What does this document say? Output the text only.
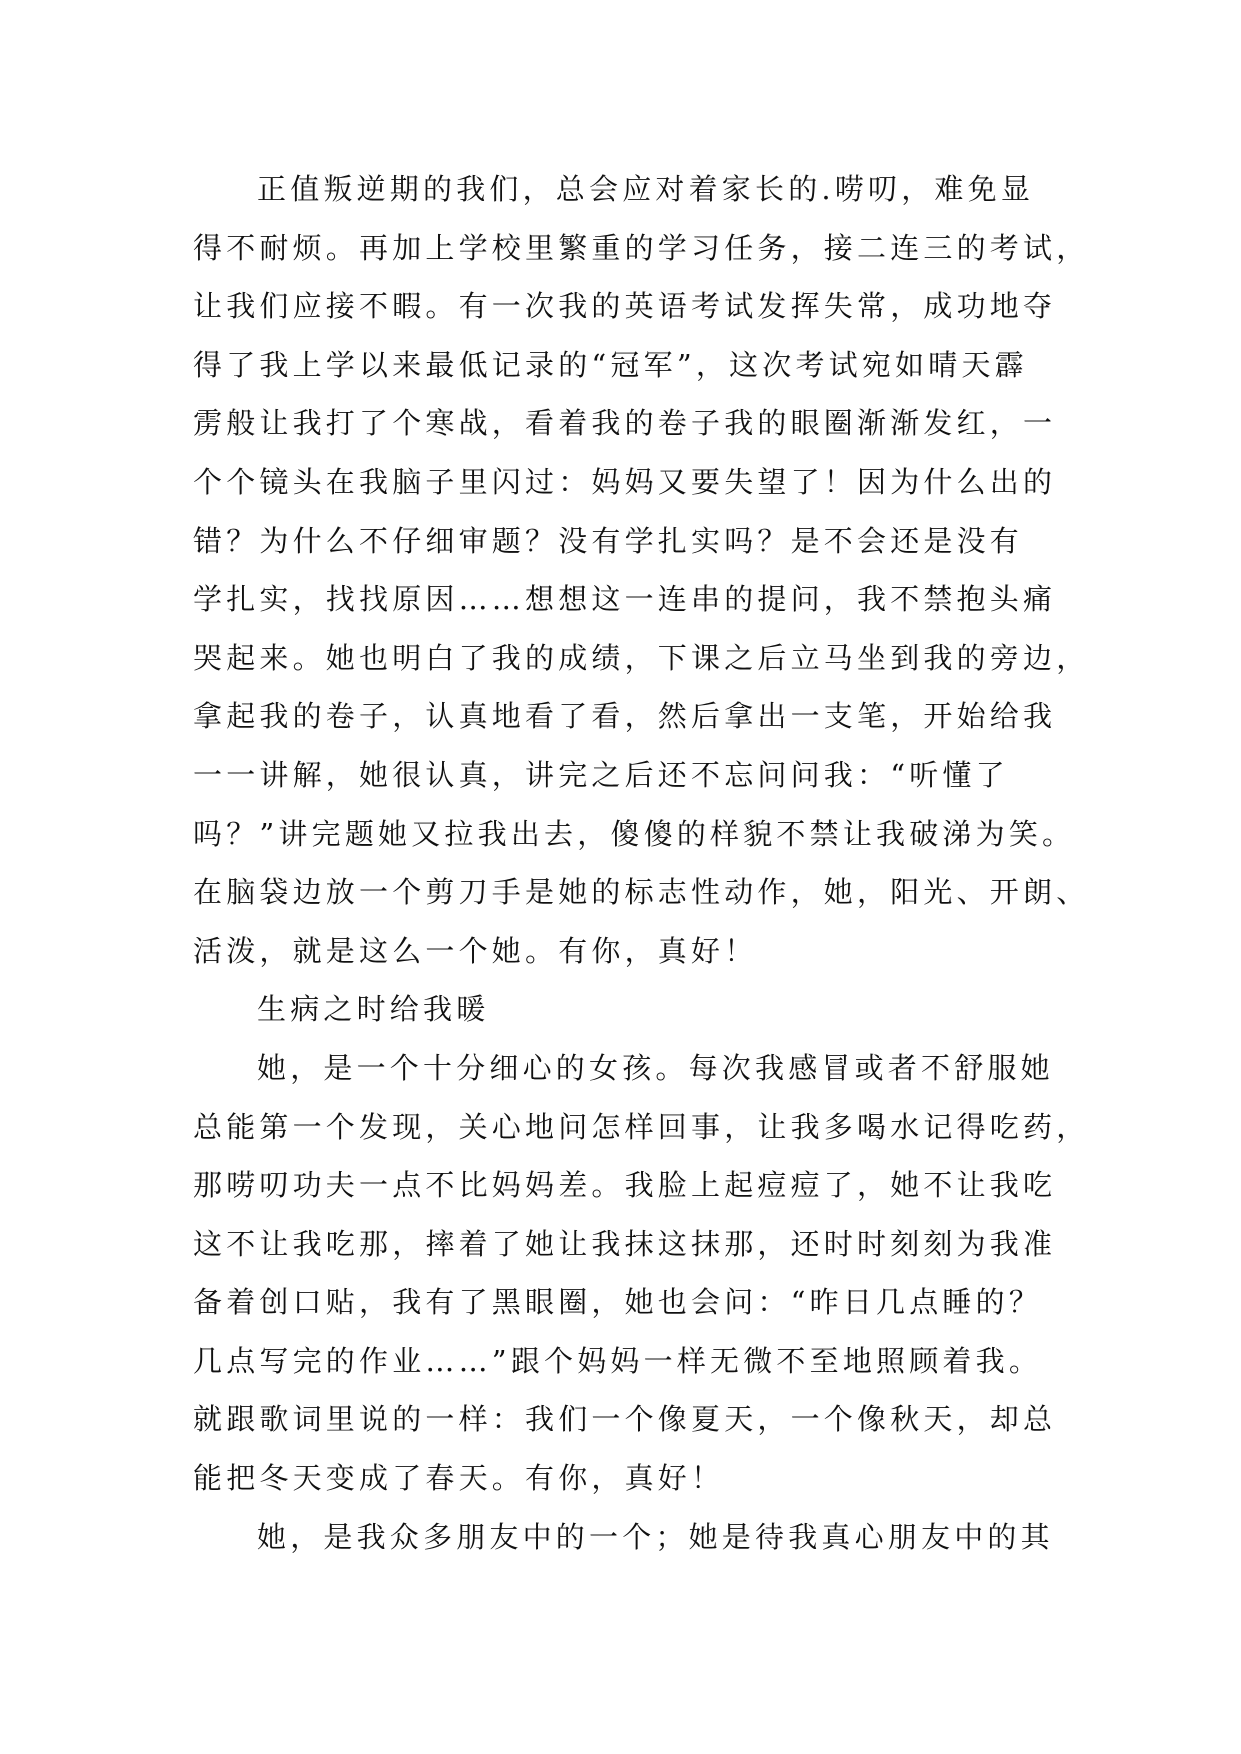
正值叛逆期的我们，总会应对着家长的.唠叨，难免显
得不耐烦。再加上学校里繁重的学习任务，接二连三的考试，
让我们应接不暇。有一次我的英语考试发挥失常，成功地夺
得了我上学以来最低记录的“冠军”，这次考试宛如晴天霹
雳般让我打了个寒战，看着我的卷子我的眼圈渐渐发红，一
个个镜头在我脑子里闪过：妈妈又要失望了！因为什么出的
错？为什么不仔细审题？没有学扎实吗？是不会还是没有
学扎实，找找原因……想想这一连串的提问，我不禁抱头痛
哭起来。她也明白了我的成绩，下课之后立马坐到我的旁边，
拿起我的卷子，认真地看了看，然后拿出一支笔，开始给我
一一讲解，她很认真，讲完之后还不忘问问我：“听懂了
吗？”讲完题她又拉我出去，傻傻的样貌不禁让我破涕为笑。
在脑袋边放一个剪刀手是她的标志性动作，她，阳光、开朗、
活泼，就是这么一个她。有你，真好！
生病之时给我暖
她，是一个十分细心的女孩。每次我感冒或者不舒服她
总能第一个发现，关心地问怎样回事，让我多喝水记得吃药，
那唠叨功夫一点不比妈妈差。我脸上起痘痘了，她不让我吃
这不让我吃那，摔着了她让我抹这抹那，还时时刻刻为我准
备着创口贴，我有了黑眼圈，她也会问：“昨日几点睡的？
几点写完的作业……”跟个妈妈一样无微不至地照顾着我。
就跟歌词里说的一样：我们一个像夏天，一个像秋天，却总
能把冬天变成了春天。有你，真好！
她，是我众多朋友中的一个；她是待我真心朋友中的其
